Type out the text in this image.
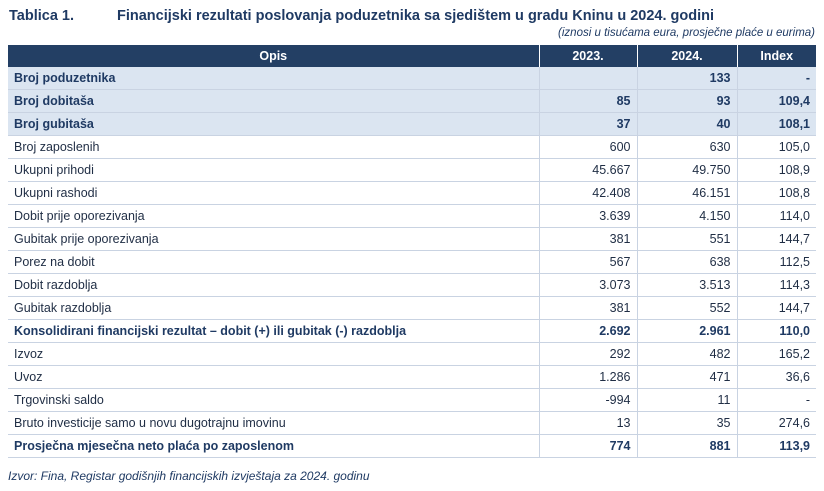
Tablica 1.	Financijski rezultati poslovanja poduzetnika sa sjedištem u gradu Kninu u 2024. godini
(iznosi u tisućama eura, prosječne plaće u eurima)
Opis	2023.	2024.	Index
Broj poduzetnika		133	-
Broj dobitaša	85	93	109,4
Broj gubitaša	37	40	108,1
Broj zaposlenih	600	630	105,0
Ukupni prihodi	45.667	49.750	108,9
Ukupni rashodi	42.408	46.151	108,8
Dobit prije oporezivanja	3.639	4.150	114,0
Gubitak prije oporezivanja	381	551	144,7
Porez na dobit	567	638	112,5
Dobit razdoblja	3.073	3.513	114,3
Gubitak razdoblja	381	552	144,7
Konsolidirani financijski rezultat – dobit (+) ili gubitak (-) razdoblja	2.692	2.961	110,0
Izvoz	292	482	165,2
Uvoz	1.286	471	36,6
Trgovinski saldo	-994	11	-
Bruto investicije samo u novu dugotrajnu imovinu	13	35	274,6
Prosječna mjesečna neto plaća po zaposlenom	774	881	113,9
Izvor: Fina, Registar godišnjih financijskih izvještaja za 2024. godinu
